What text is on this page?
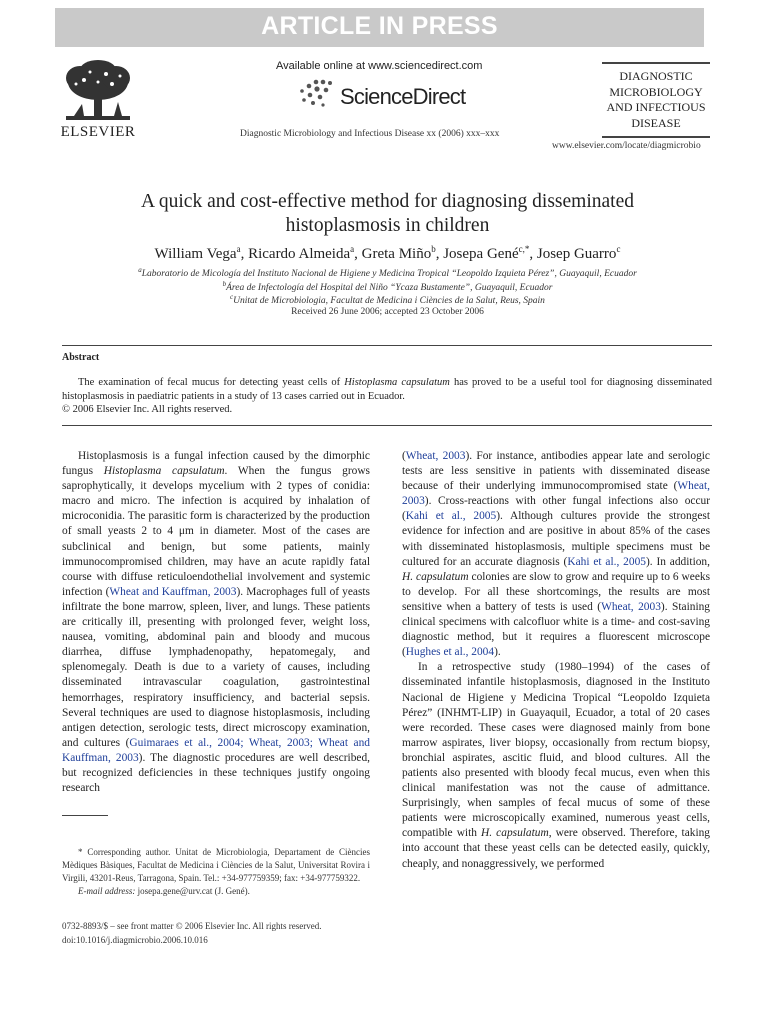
ARTICLE IN PRESS
ELSEVIER
Available online at www.sciencedirect.com
ScienceDirect
Diagnostic Microbiology and Infectious Disease xx (2006) xxx–xxx
DIAGNOSTIC
MICROBIOLOGY
AND INFECTIOUS
DISEASE
www.elsevier.com/locate/diagmicrobio
A quick and cost-effective method for diagnosing disseminated
histoplasmosis in children
William Vega$^a$, Ricardo Almeida$^a$, Greta Miño$^b$, Josepa Gené$^{c,*}$, Josep Guarro$^c$
$^a$Laboratorio de Micología del Instituto Nacional de Higiene y Medicina Tropical “Leopoldo Izquieta Pérez”, Guayaquil, Ecuador
$^b$Área de Infectología del Hospital del Niño “Ycaza Bustamente”, Guayaquil, Ecuador
$^c$Unitat de Microbiologia, Facultat de Medicina i Ciències de la Salut, Reus, Spain
Received 26 June 2006; accepted 23 October 2006
Abstract

The examination of fecal mucus for detecting yeast cells of Histoplasma capsulatum has proved to be a useful tool for diagnosing disseminated histoplasmosis in paediatric patients in a study of 13 cases carried out in Ecuador.

© 2006 Elsevier Inc. All rights reserved.

Histoplasmosis is a fungal infection caused by the dimorphic fungus Histoplasma capsulatum. When the fungus grows saprophytically, it develops mycelium with 2 types of conidia: macro and micro. The infection is acquired by inhalation of microconidia. The parasitic form is characterized by the production of small yeasts 2 to 4 μm in diameter. Most of the cases are subclinical and benign, but some patients, mainly immunocompromised children, may have an acute rapidly fatal course with diffuse reticuloendothelial involvement and systemic infection (Wheat and Kauffman, 2003). Macrophages full of yeasts infiltrate the bone marrow, spleen, liver, and lungs. These patients are critically ill, presenting with prolonged fever, weight loss, nausea, vomiting, abdominal pain and bloody and mucous diarrhea, diffuse lymphadenopathy, hepatomegaly, and splenomegaly. Death is due to a variety of causes, including disseminated intravascular coagulation, gastrointestinal hemorrhages, respiratory insufficiency, and bacterial sepsis. Several techniques are used to diagnose histoplasmosis, including antigen detection, serologic tests, direct microscopy examination, and cultures (Guimaraes et al., 2004; Wheat, 2003; Wheat and Kauffman, 2003). The diagnostic procedures are well described, but recognized deficiencies in these techniques justify ongoing research

(Wheat, 2003). For instance, antibodies appear late and serologic tests are less sensitive in patients with disseminated disease because of their underlying immunocompromised state (Wheat, 2003). Cross-reactions with other fungal infections also occur (Kahi et al., 2005). Although cultures provide the strongest evidence for infection and are positive in about 85% of the cases with disseminated histoplasmosis, multiple specimens must be cultured for an accurate diagnosis (Kahi et al., 2005). In addition, H. capsulatum colonies are slow to grow and require up to 6 weeks to develop. For all these shortcomings, the results are most sensitive when a battery of tests is used (Wheat, 2003). Staining clinical specimens with calcofluor white is a time- and cost-saving diagnostic method, but it requires a fluorescent microscope (Hughes et al., 2004).

In a retrospective study (1980–1994) of the cases of disseminated infantile histoplasmosis, diagnosed in the Instituto Nacional de Higiene y Medicina Tropical “Leopoldo Izquieta Pérez” (INHMT-LIP) in Guayaquil, Ecuador, a total of 20 cases were recorded. These cases were diagnosed mainly from bone marrow aspirates, liver biopsy, occasionally from rectum biopsy, bronchial aspirates, ascitic fluid, and blood cultures. All the patients also presented with bloody fecal mucus, even when this clinical manifestation was not the cause of admittance. Surprisingly, when samples of fecal mucus of some of these patients were microscopically examined, numerous yeast cells, compatible with H. capsulatum, were observed. Therefore, taking into account that these yeast cells can be detected easily, quickly, cheaply, and nonaggressively, we performed

* Corresponding author. Unitat de Microbiologia, Departament de Ciències Mèdiques Bàsiques, Facultat de Medicina i Ciències de la Salut, Universitat Rovira i Virgili, 43201-Reus, Tarragona, Spain. Tel.: +34-977759359; fax: +34-977759322.

E-mail address: josepa.gene@urv.cat (J. Gené).

0732-8893/$ – see front matter © 2006 Elsevier Inc. All rights reserved.
doi:10.1016/j.diagmicrobio.2006.10.016
